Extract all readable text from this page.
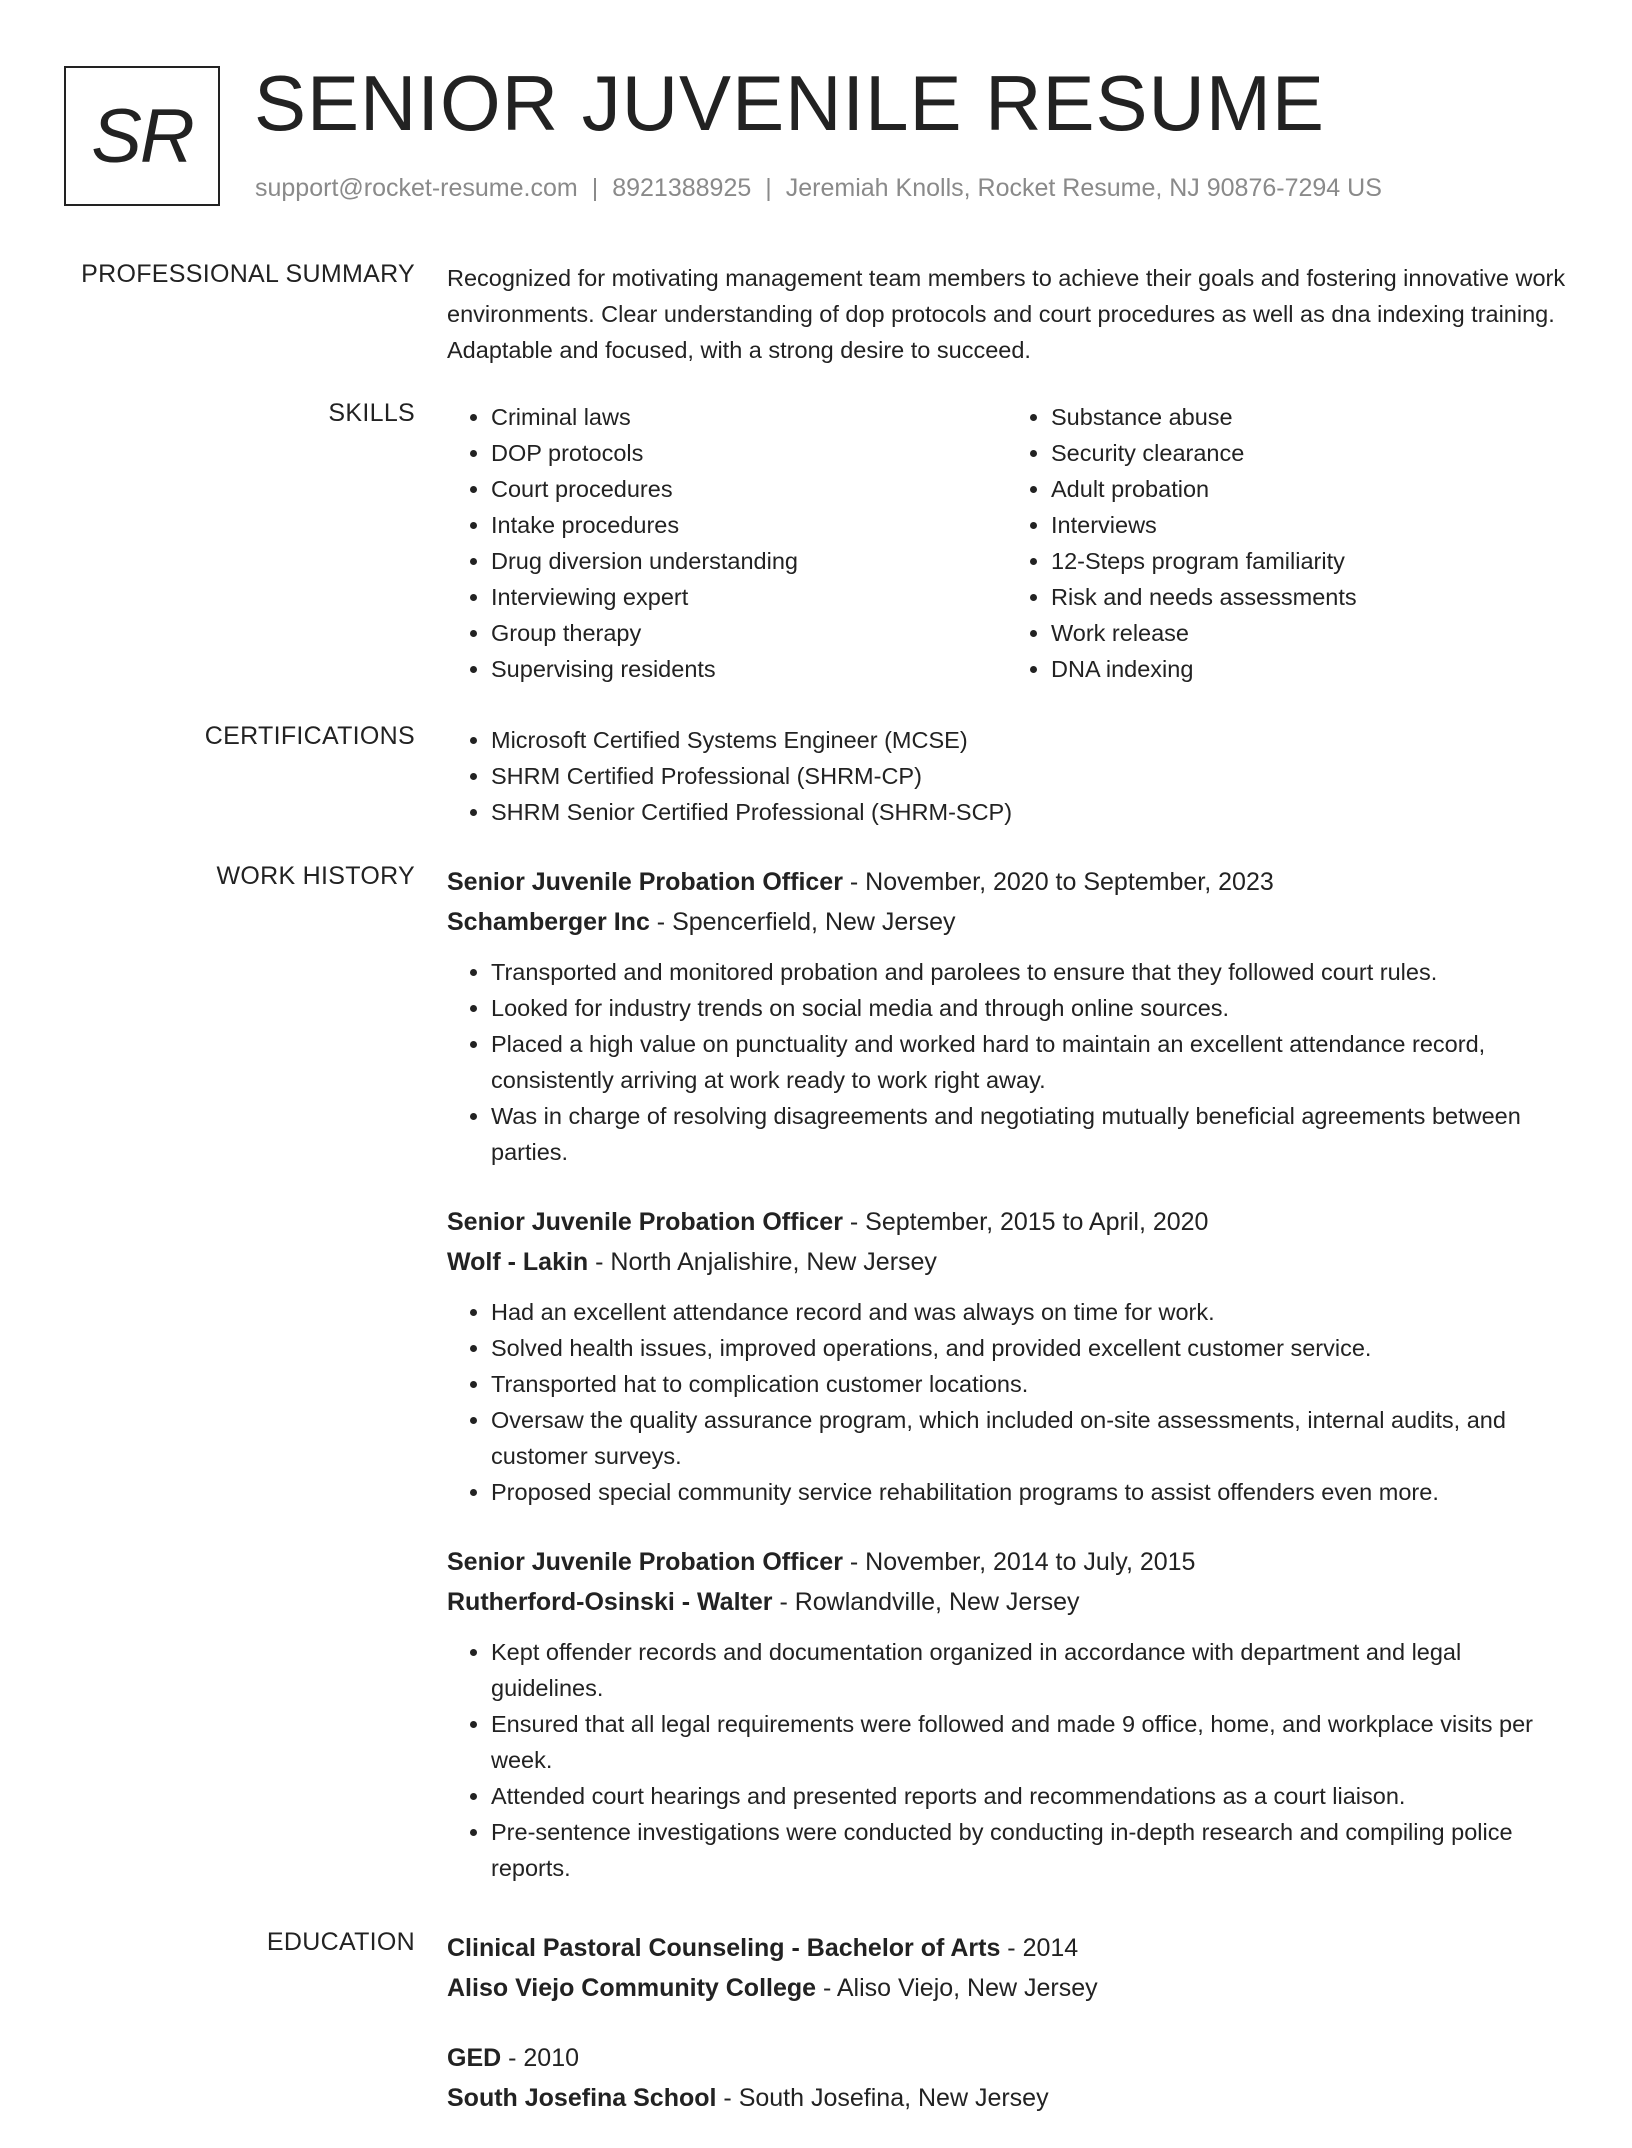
SR SENIOR JUVENILE RESUME
support@rocket-resume.com | 8921388925 | Jeremiah Knolls, Rocket Resume, NJ 90876-7294 US
PROFESSIONAL SUMMARY Recognized for motivating management team members to achieve their goals and fostering innovative work environments. Clear understanding of dop protocols and court procedures as well as dna indexing training. Adaptable and focused, with a strong desire to succeed.
SKILLS	• Criminal laws
• DOP protocols
• Court procedures
• Intake procedures
• Drug diversion understanding
• Interviewing expert
• Group therapy
• Supervising residents
• Substance abuse
• Security clearance
• Adult probation
• Interviews
• 12-Steps program familiarity
• Risk and needs assessments
• Work release
• DNA indexing
CERTIFICATIONS	• Microsoft Certified Systems Engineer (MCSE)
• SHRM Certified Professional (SHRM-CP)
• SHRM Senior Certified Professional (SHRM-SCP)
WORK HISTORY Senior Juvenile Probation Officer - November, 2020 to September, 2023
Schamberger Inc - Spencerfield, New Jersey
• Transported and monitored probation and parolees to ensure that they followed court rules.
• Looked for industry trends on social media and through online sources.
• Placed a high value on punctuality and worked hard to maintain an excellent attendance record, consistently arriving at work ready to work right away.
• Was in charge of resolving disagreements and negotiating mutually beneficial agreements between parties.
Senior Juvenile Probation Officer - September, 2015 to April, 2020
Wolf - Lakin - North Anjalishire, New Jersey
• Had an excellent attendance record and was always on time for work.
• Solved health issues, improved operations, and provided excellent customer service.
• Transported hat to complication customer locations.
• Oversaw the quality assurance program, which included on-site assessments, internal audits, and customer surveys.
• Proposed special community service rehabilitation programs to assist offenders even more.
Senior Juvenile Probation Officer - November, 2014 to July, 2015
Rutherford-Osinski - Walter - Rowlandville, New Jersey
• Kept offender records and documentation organized in accordance with department and legal guidelines.
• Ensured that all legal requirements were followed and made 9 office, home, and workplace visits per week.
• Attended court hearings and presented reports and recommendations as a court liaison.
• Pre-sentence investigations were conducted by conducting in-depth research and compiling police reports.
EDUCATION Clinical Pastoral Counseling - Bachelor of Arts - 2014
Aliso Viejo Community College - Aliso Viejo, New Jersey
GED - 2010
South Josefina School - South Josefina, New Jersey
